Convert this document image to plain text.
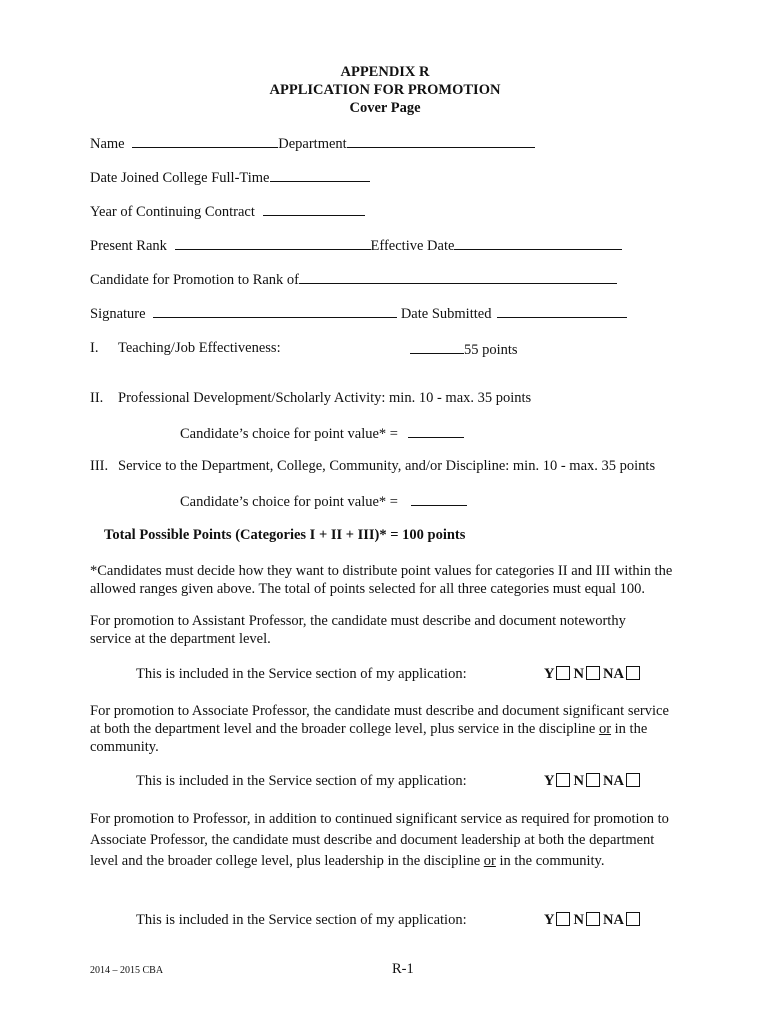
APPENDIX R
APPLICATION FOR PROMOTION
Cover Page
Name	Department
Date Joined College Full-Time
Year of Continuing Contract
Present Rank	Effective Date
Candidate for Promotion to Rank of
Signature	Date Submitted
I. Teaching/Job Effectiveness:	55 points
II. Professional Development/Scholarly Activity: min. 10 - max. 35 points
Candidate’s choice for point value* =
III. Service to the Department, College, Community, and/or Discipline: min. 10 - max. 35 points
Candidate’s choice for point value* =
Total Possible Points (Categories I + II + III)* = 100 points
*Candidates must decide how they want to distribute point values for categories II and III within the allowed ranges given above. The total of points selected for all three categories must equal 100.
For promotion to Assistant Professor, the candidate must describe and document noteworthy service at the department level.
This is included in the Service section of my application:	Y N NA
For promotion to Associate Professor, the candidate must describe and document significant service at both the department level and the broader college level, plus service in the discipline or in the community.
This is included in the Service section of my application:	Y N NA
For promotion to Professor, in addition to continued significant service as required for promotion to Associate Professor, the candidate must describe and document leadership at both the department level and the broader college level, plus leadership in the discipline or in the community.
This is included in the Service section of my application:	Y N NA
2014 – 2015 CBA	R-1
